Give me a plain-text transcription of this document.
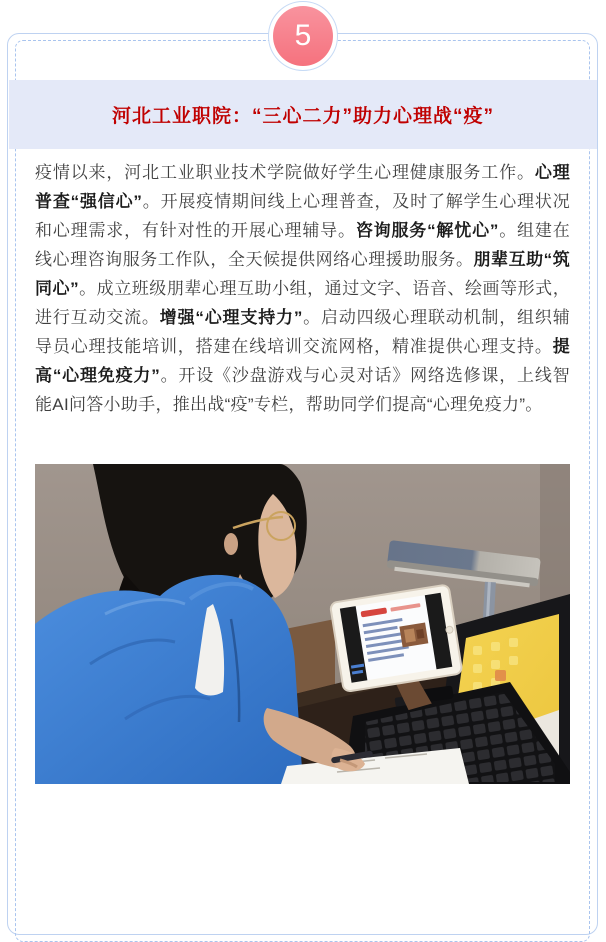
5
河北工业职院：“三心二力”助力心理战“疫”
疫情以来，河北工业职业技术学院做好学生心理健康服务工作。心理普查“强信心”。开展疫情期间线上心理普查，及时了解学生心理状况和心理需求，有针对性的开展心理辅导。咨询服务“解忧心”。组建在线心理咨询服务工作队，全天候提供网络心理援助服务。朋辈互助“筑同心”。成立班级朋辈心理互助小组，通过文字、语音、绘画等形式，进行互动交流。增强“心理支持力”。启动四级心理联动机制，组织辅导员心理技能培训，搭建在线培训交流网格，精准提供心理支持。提高“心理免疫力”。开设《沙盘游戏与心灵对话》网络选修课，上线智能AI问答小助手，推出战“疫”专栏，帮助同学们提高“心理免疫力”。
